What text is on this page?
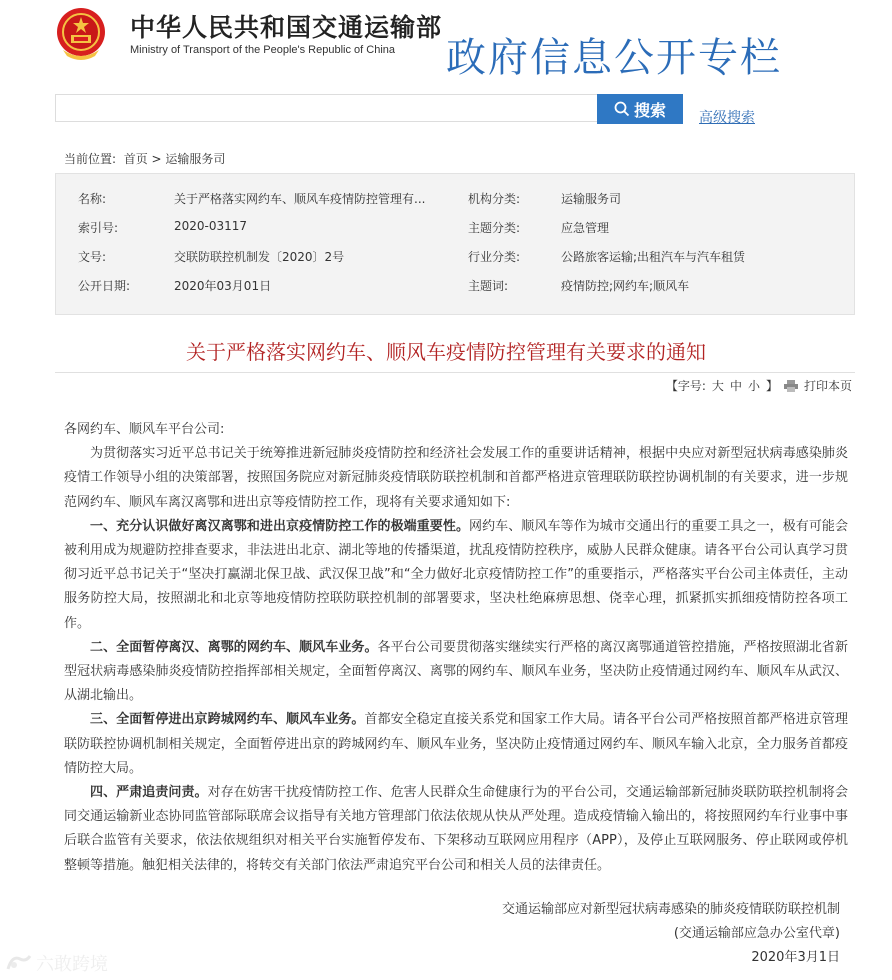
中华人民共和国交通运输部
Ministry of Transport of the People's Republic of China 政府信息公开专栏
搜索 高级搜索
当前位置: 首页 > 运输服务司
名称:	关于严格落实网约车、顺风车疫情防控管理有...	机构分类:	运输服务司
索引号:	2020-03117	主题分类:	应急管理
文号:	交联防联控机制发〔2020〕2号	行业分类:	公路旅客运输;出租汽车与汽车租赁
公开日期:	2020年03月01日	主题词:	疫情防控;网约车;顺风车
关于严格落实网约车、顺风车疫情防控管理有关要求的通知
【字号: 大 中 小 】 打印本页

各网约车、顺风车平台公司:

为贯彻落实习近平总书记关于统筹推进新冠肺炎疫情防控和经济社会发展工作的重要讲话精神，根据中央应对新型冠状病毒感染肺炎疫情工作领导小组的决策部署，按照国务院应对新冠肺炎疫情联防联控机制和首都严格进京管理联防联控协调机制的有关要求，进一步规范网约车、顺风车离汉离鄂和进出京等疫情防控工作，现将有关要求通知如下:

一、充分认识做好离汉离鄂和进出京疫情防控工作的极端重要性。网约车、顺风车等作为城市交通出行的重要工具之一，极有可能会被利用成为规避防控排查要求，非法进出北京、湖北等地的传播渠道，扰乱疫情防控秩序，威胁人民群众健康。请各平台公司认真学习贯彻习近平总书记关于“坚决打赢湖北保卫战、武汉保卫战”和“全力做好北京疫情防控工作”的重要指示，严格落实平台公司主体责任，主动服务防控大局，按照湖北和北京等地疫情防控联防联控机制的部署要求，坚决杜绝麻痹思想、侥幸心理，抓紧抓实抓细疫情防控各项工作。

二、全面暂停离汉、离鄂的网约车、顺风车业务。各平台公司要贯彻落实继续实行严格的离汉离鄂通道管控措施，严格按照湖北省新型冠状病毒感染肺炎疫情防控指挥部相关规定，全面暂停离汉、离鄂的网约车、顺风车业务，坚决防止疫情通过网约车、顺风车从武汉、从湖北输出。

三、全面暂停进出京跨城网约车、顺风车业务。首都安全稳定直接关系党和国家工作大局。请各平台公司严格按照首都严格进京管理联防联控协调机制相关规定，全面暂停进出京的跨城网约车、顺风车业务，坚决防止疫情通过网约车、顺风车输入北京，全力服务首都疫情防控大局。

四、严肃追责问责。对存在妨害干扰疫情防控工作、危害人民群众生命健康行为的平台公司，交通运输部新冠肺炎联防联控机制将会同交通运输新业态协同监管部际联席会议指导有关地方管理部门依法依规从快从严处理。造成疫情输入输出的，将按照网约车行业事中事后联合监管有关要求，依法依规组织对相关平台实施暂停发布、下架移动互联网应用程序（APP），及停止互联网服务、停止联网或停机整顿等措施。触犯相关法律的，将转交有关部门依法严肃追究平台公司和相关人员的法律责任。

交通运输部应对新型冠状病毒感染的肺炎疫情联防联控机制
(交通运输部应急办公室代章)
2020年3月1日
六敢跨境
